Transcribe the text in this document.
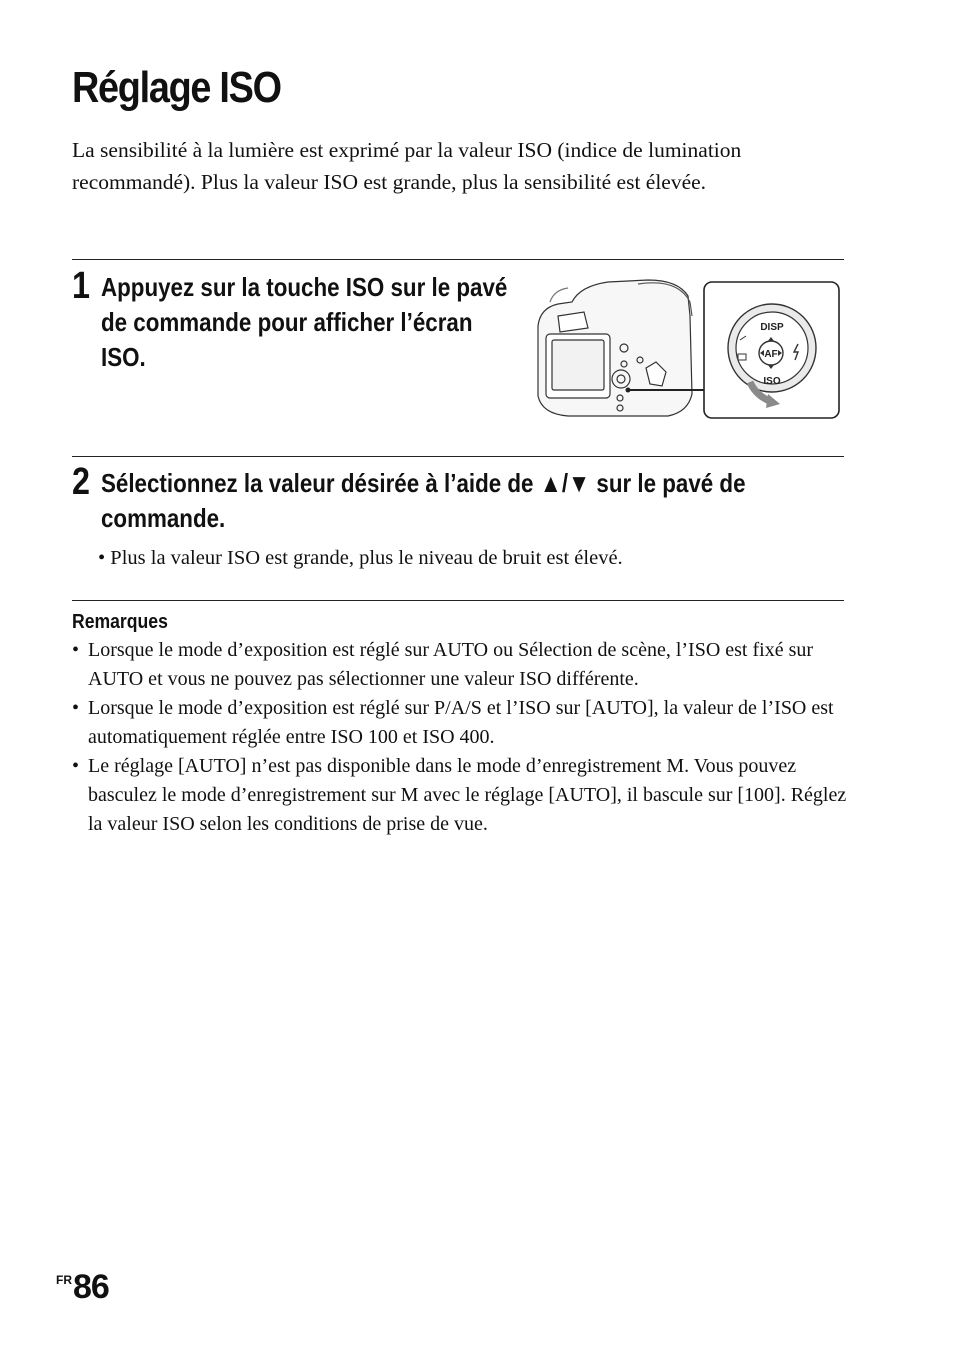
Réglage ISO

La sensibilité à la lumière est exprimé par la valeur ISO (indice de lumination recommandé). Plus la valeur ISO est grande, plus la sensibilité est élevée.

1 Appuyez sur la touche ISO sur le pavé de commande pour afficher l’écran ISO.

DISP
AF
ISO
2 Sélectionnez la valeur désirée à l’aide de ▲/▼ sur le pavé de commande.

• Plus la valeur ISO est grande, plus le niveau de bruit est élevé.

Remarques
• Lorsque le mode d’exposition est réglé sur AUTO ou Sélection de scène, l’ISO est fixé sur AUTO et vous ne pouvez pas sélectionner une valeur ISO différente.
• Lorsque le mode d’exposition est réglé sur P/A/S et l’ISO sur [AUTO], la valeur de l’ISO est automatiquement réglée entre ISO 100 et ISO 400.
• Le réglage [AUTO] n’est pas disponible dans le mode d’enregistrement M. Vous pouvez basculez le mode d’enregistrement sur M avec le réglage [AUTO], il bascule sur [100]. Réglez la valeur ISO selon les conditions de prise de vue.
$^{FR}$86
